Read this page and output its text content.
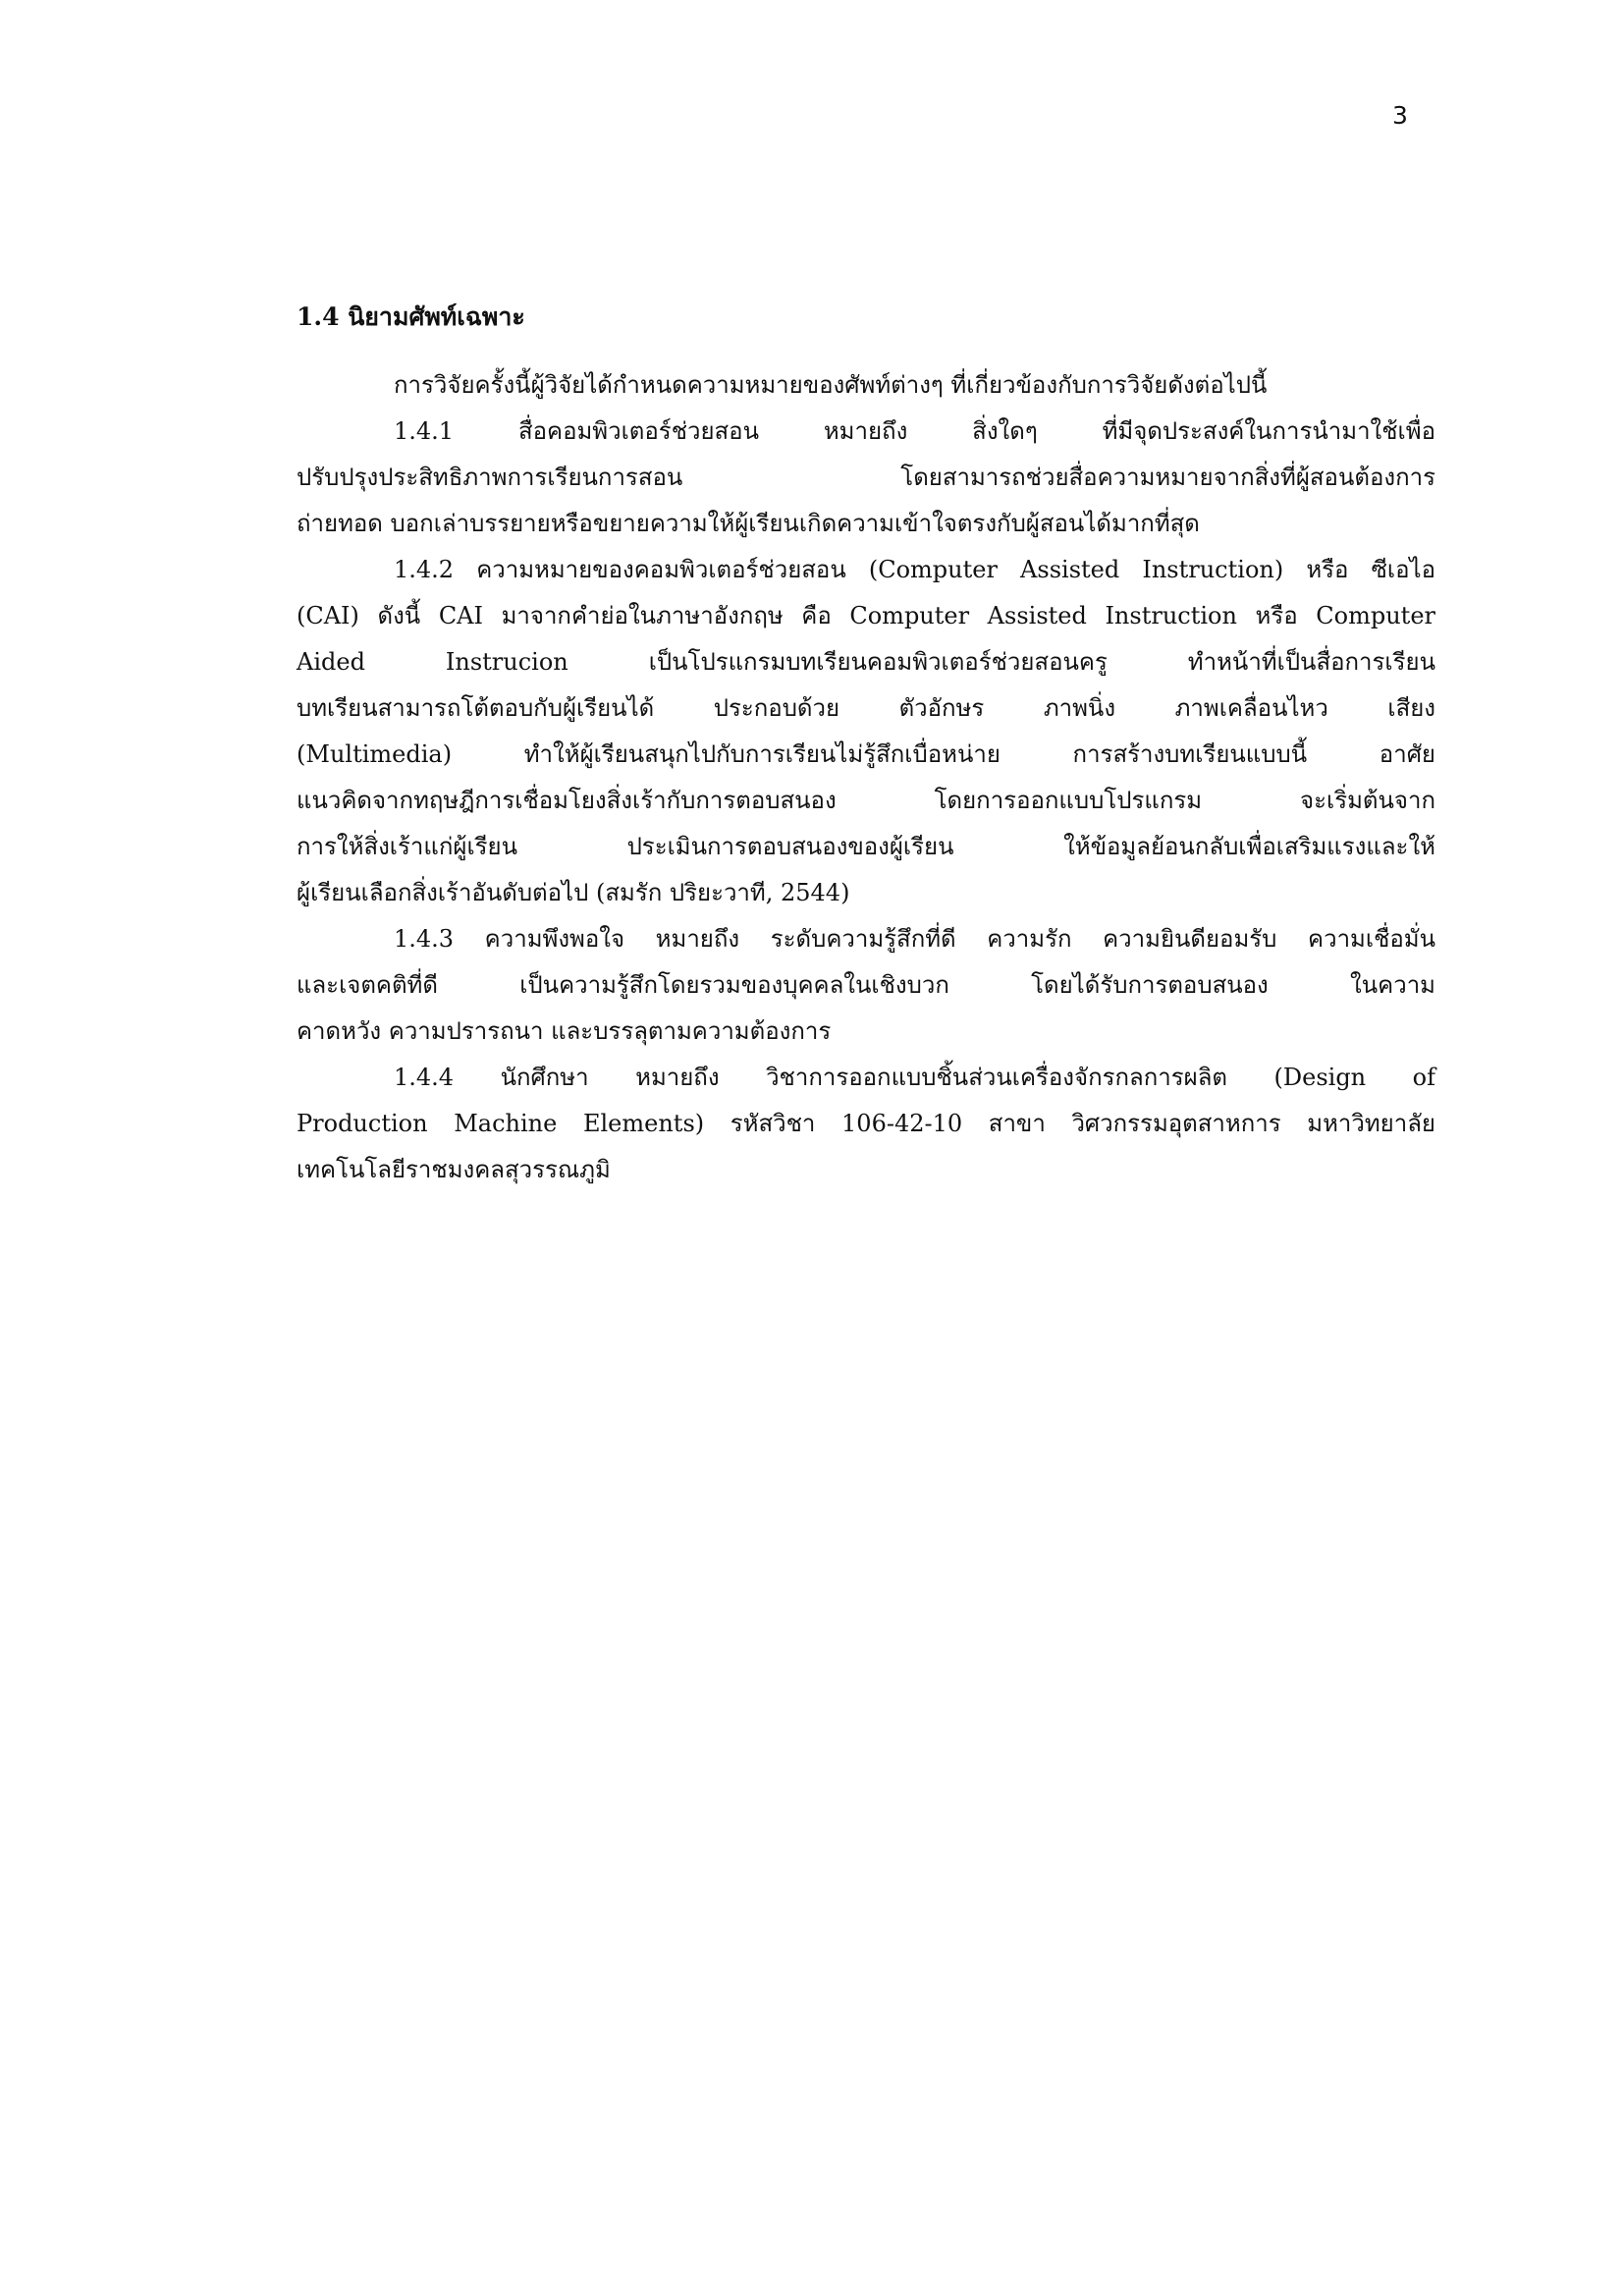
3
1.4 นิยามศัพท์เฉพาะ

การวิจัยครั้งนี้ผู้วิจัยได้กำหนดความหมายของศัพท์ต่างๆ ที่เกี่ยวข้องกับการวิจัยดังต่อไปนี้

1.4.1 สื่อคอมพิวเตอร์ช่วยสอน หมายถึง สิ่งใดๆ ที่มีจุดประสงค์ในการนำมาใช้เพื่อ
ปรับปรุงประสิทธิภาพการเรียนการสอน โดยสามารถช่วยสื่อความหมายจากสิ่งที่ผู้สอนต้องการ
ถ่ายทอด บอกเล่าบรรยายหรือขยายความให้ผู้เรียนเกิดความเข้าใจตรงกับผู้สอนได้มากที่สุด

1.4.2 ความหมายของคอมพิวเตอร์ช่วยสอน (Computer Assisted Instruction) หรือ ซีเอไอ
(CAI) ดังนี้ CAI มาจากคำย่อในภาษาอังกฤษ คือ Computer Assisted Instruction หรือ Computer
Aided Instrucion เป็นโปรแกรมบทเรียนคอมพิวเตอร์ช่วยสอนครู ทำหน้าที่เป็นสื่อการเรียน
บทเรียนสามารถโต้ตอบกับผู้เรียนได้ ประกอบด้วย ตัวอักษร ภาพนิ่ง ภาพเคลื่อนไหว เสียง
(Multimedia) ทำให้ผู้เรียนสนุกไปกับการเรียนไม่รู้สึกเบื่อหน่าย การสร้างบทเรียนแบบนี้ อาศัย
แนวคิดจากทฤษฎีการเชื่อมโยงสิ่งเร้ากับการตอบสนอง โดยการออกแบบโปรแกรม จะเริ่มต้นจาก
การให้สิ่งเร้าแก่ผู้เรียน ประเมินการตอบสนองของผู้เรียน ให้ข้อมูลย้อนกลับเพื่อเสริมแรงและให้
ผู้เรียนเลือกสิ่งเร้าอันดับต่อไป (สมรัก ปริยะวาที, 2544)

1.4.3 ความพึงพอใจ หมายถึง ระดับความรู้สึกที่ดี ความรัก ความยินดียอมรับ ความเชื่อมั่น
และเจตคติที่ดี เป็นความรู้สึกโดยรวมของบุคคลในเชิงบวก โดยได้รับการตอบสนอง ในความ
คาดหวัง ความปรารถนา และบรรลุตามความต้องการ

1.4.4 นักศึกษา หมายถึง วิชาการออกแบบชิ้นส่วนเครื่องจักรกลการผลิต (Design of
Production Machine Elements) รหัสวิชา 106-42-10 สาขา วิศวกรรมอุตสาหการ มหาวิทยาลัย
เทคโนโลยีราชมงคลสุวรรณภูมิ
